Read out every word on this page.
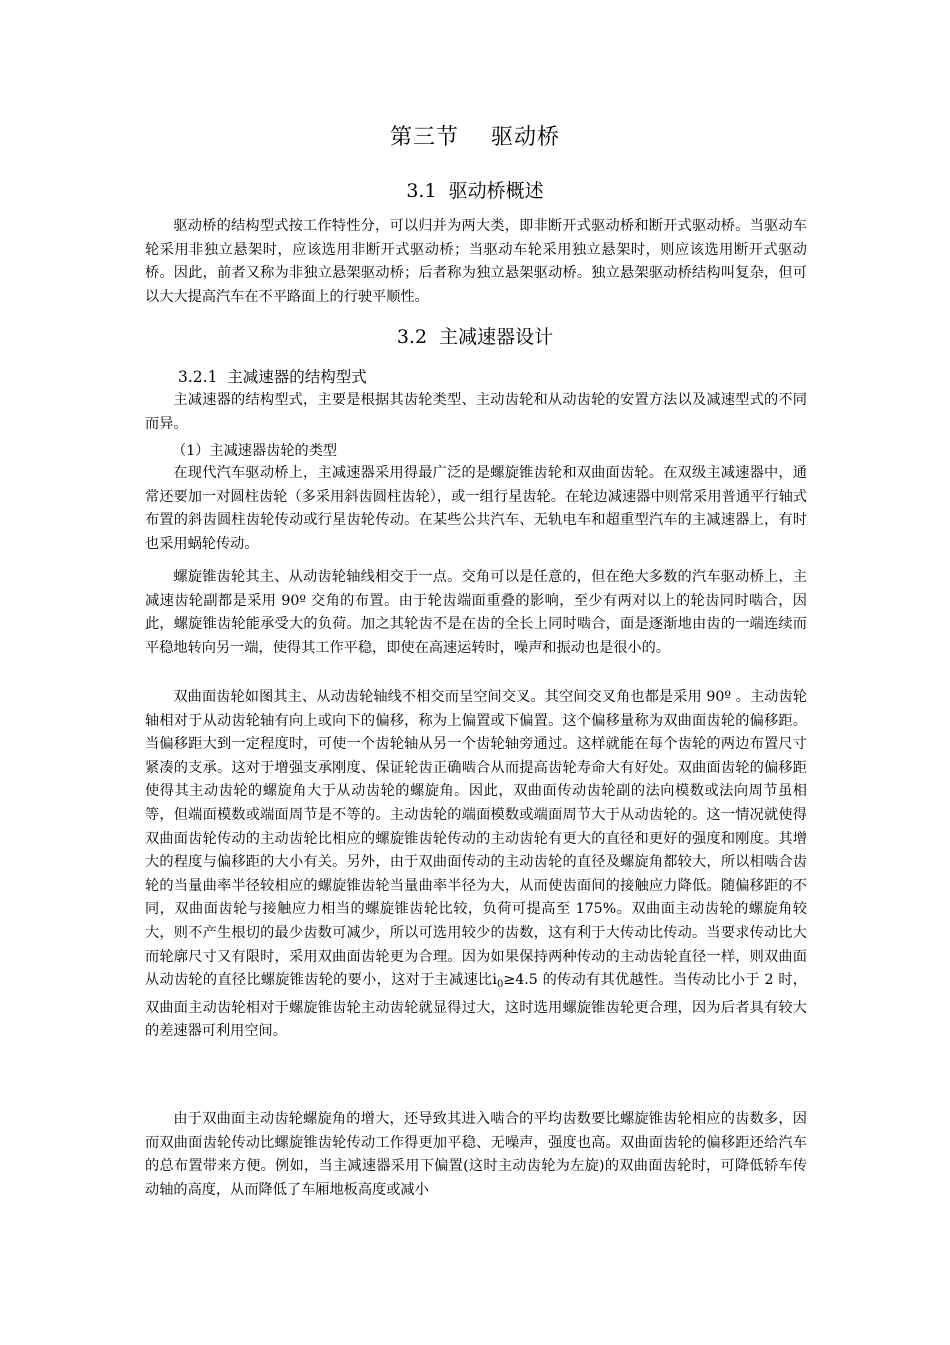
第三节    驱动桥
3.1  驱动桥概述

驱动桥的结构型式按工作特性分，可以归并为两大类，即非断开式驱动桥和断开式驱动桥。当驱动车轮采用非独立悬架时，应该选用非断开式驱动桥；当驱动车轮采用独立悬架时，则应该选用断开式驱动桥。因此，前者又称为非独立悬架驱动桥；后者称为独立悬架驱动桥。独立悬架驱动桥结构叫复杂，但可以大大提高汽车在不平路面上的行驶平顺性。

3.2  主减速器设计
3.2.1  主减速器的结构型式

主减速器的结构型式，主要是根据其齿轮类型、主动齿轮和从动齿轮的安置方法以及减速型式的不同而异。

（1）主减速器齿轮的类型

在现代汽车驱动桥上，主减速器采用得最广泛的是螺旋锥齿轮和双曲面齿轮。在双级主减速器中，通常还要加一对圆柱齿轮（多采用斜齿圆柱齿轮），或一组行星齿轮。在轮边减速器中则常采用普通平行轴式布置的斜齿圆柱齿轮传动或行星齿轮传动。在某些公共汽车、无轨电车和超重型汽车的主减速器上，有时也采用蜗轮传动。

螺旋锥齿轮其主、从动齿轮轴线相交于一点。交角可以是任意的，但在绝大多数的汽车驱动桥上，主减速齿轮副都是采用 90º 交角的布置。由于轮齿端面重叠的影响，至少有两对以上的轮齿同时啮合，因此，螺旋锥齿轮能承受大的负荷。加之其轮齿不是在齿的全长上同时啮合，面是逐渐地由齿的一端连续而平稳地转向另一端，使得其工作平稳，即使在高速运转时，噪声和振动也是很小的。

双曲面齿轮如图其主、从动齿轮轴线不相交而呈空间交叉。其空间交叉角也都是采用 90º 。主动齿轮轴相对于从动齿轮轴有向上或向下的偏移，称为上偏置或下偏置。这个偏移量称为双曲面齿轮的偏移距。当偏移距大到一定程度时，可使一个齿轮轴从另一个齿轮轴旁通过。这样就能在每个齿轮的两边布置尺寸紧凑的支承。这对于增强支承刚度、保证轮齿正确啮合从而提高齿轮寿命大有好处。双曲面齿轮的偏移距使得其主动齿轮的螺旋角大于从动齿轮的螺旋角。因此，双曲面传动齿轮副的法向模数或法向周节虽相等，但端面模数或端面周节是不等的。主动齿轮的端面模数或端面周节大于从动齿轮的。这一情况就使得双曲面齿轮传动的主动齿轮比相应的螺旋锥齿轮传动的主动齿轮有更大的直径和更好的强度和刚度。其增大的程度与偏移距的大小有关。另外，由于双曲面传动的主动齿轮的直径及螺旋角都较大，所以相啮合齿轮的当量曲率半径较相应的螺旋锥齿轮当量曲率半径为大，从而使齿面间的接触应力降低。随偏移距的不同，双曲面齿轮与接触应力相当的螺旋锥齿轮比较，负荷可提高至 175%。双曲面主动齿轮的螺旋角较大，则不产生根切的最少齿数可减少，所以可选用较少的齿数，这有利于大传动比传动。当要求传动比大而轮廓尺寸又有限时，采用双曲面齿轮更为合理。因为如果保持两种传动的主动齿轮直径一样，则双曲面从动齿轮的直径比螺旋锥齿轮的要小，这对于主减速比$i_0\ge 4.5$ 的传动有其优越性。当传动比小于 2 时，双曲面主动齿轮相对于螺旋锥齿轮主动齿轮就显得过大，这时选用螺旋锥齿轮更合理，因为后者具有较大的差速器可利用空间。

由于双曲面主动齿轮螺旋角的增大，还导致其进入啮合的平均齿数要比螺旋锥齿轮相应的齿数多，因而双曲面齿轮传动比螺旋锥齿轮传动工作得更加平稳、无噪声，强度也高。双曲面齿轮的偏移距还给汽车的总布置带来方便。例如，当主减速器采用下偏置(这时主动齿轮为左旋)的双曲面齿轮时，可降低轿车传动轴的高度，从而降低了车厢地板高度或减小
